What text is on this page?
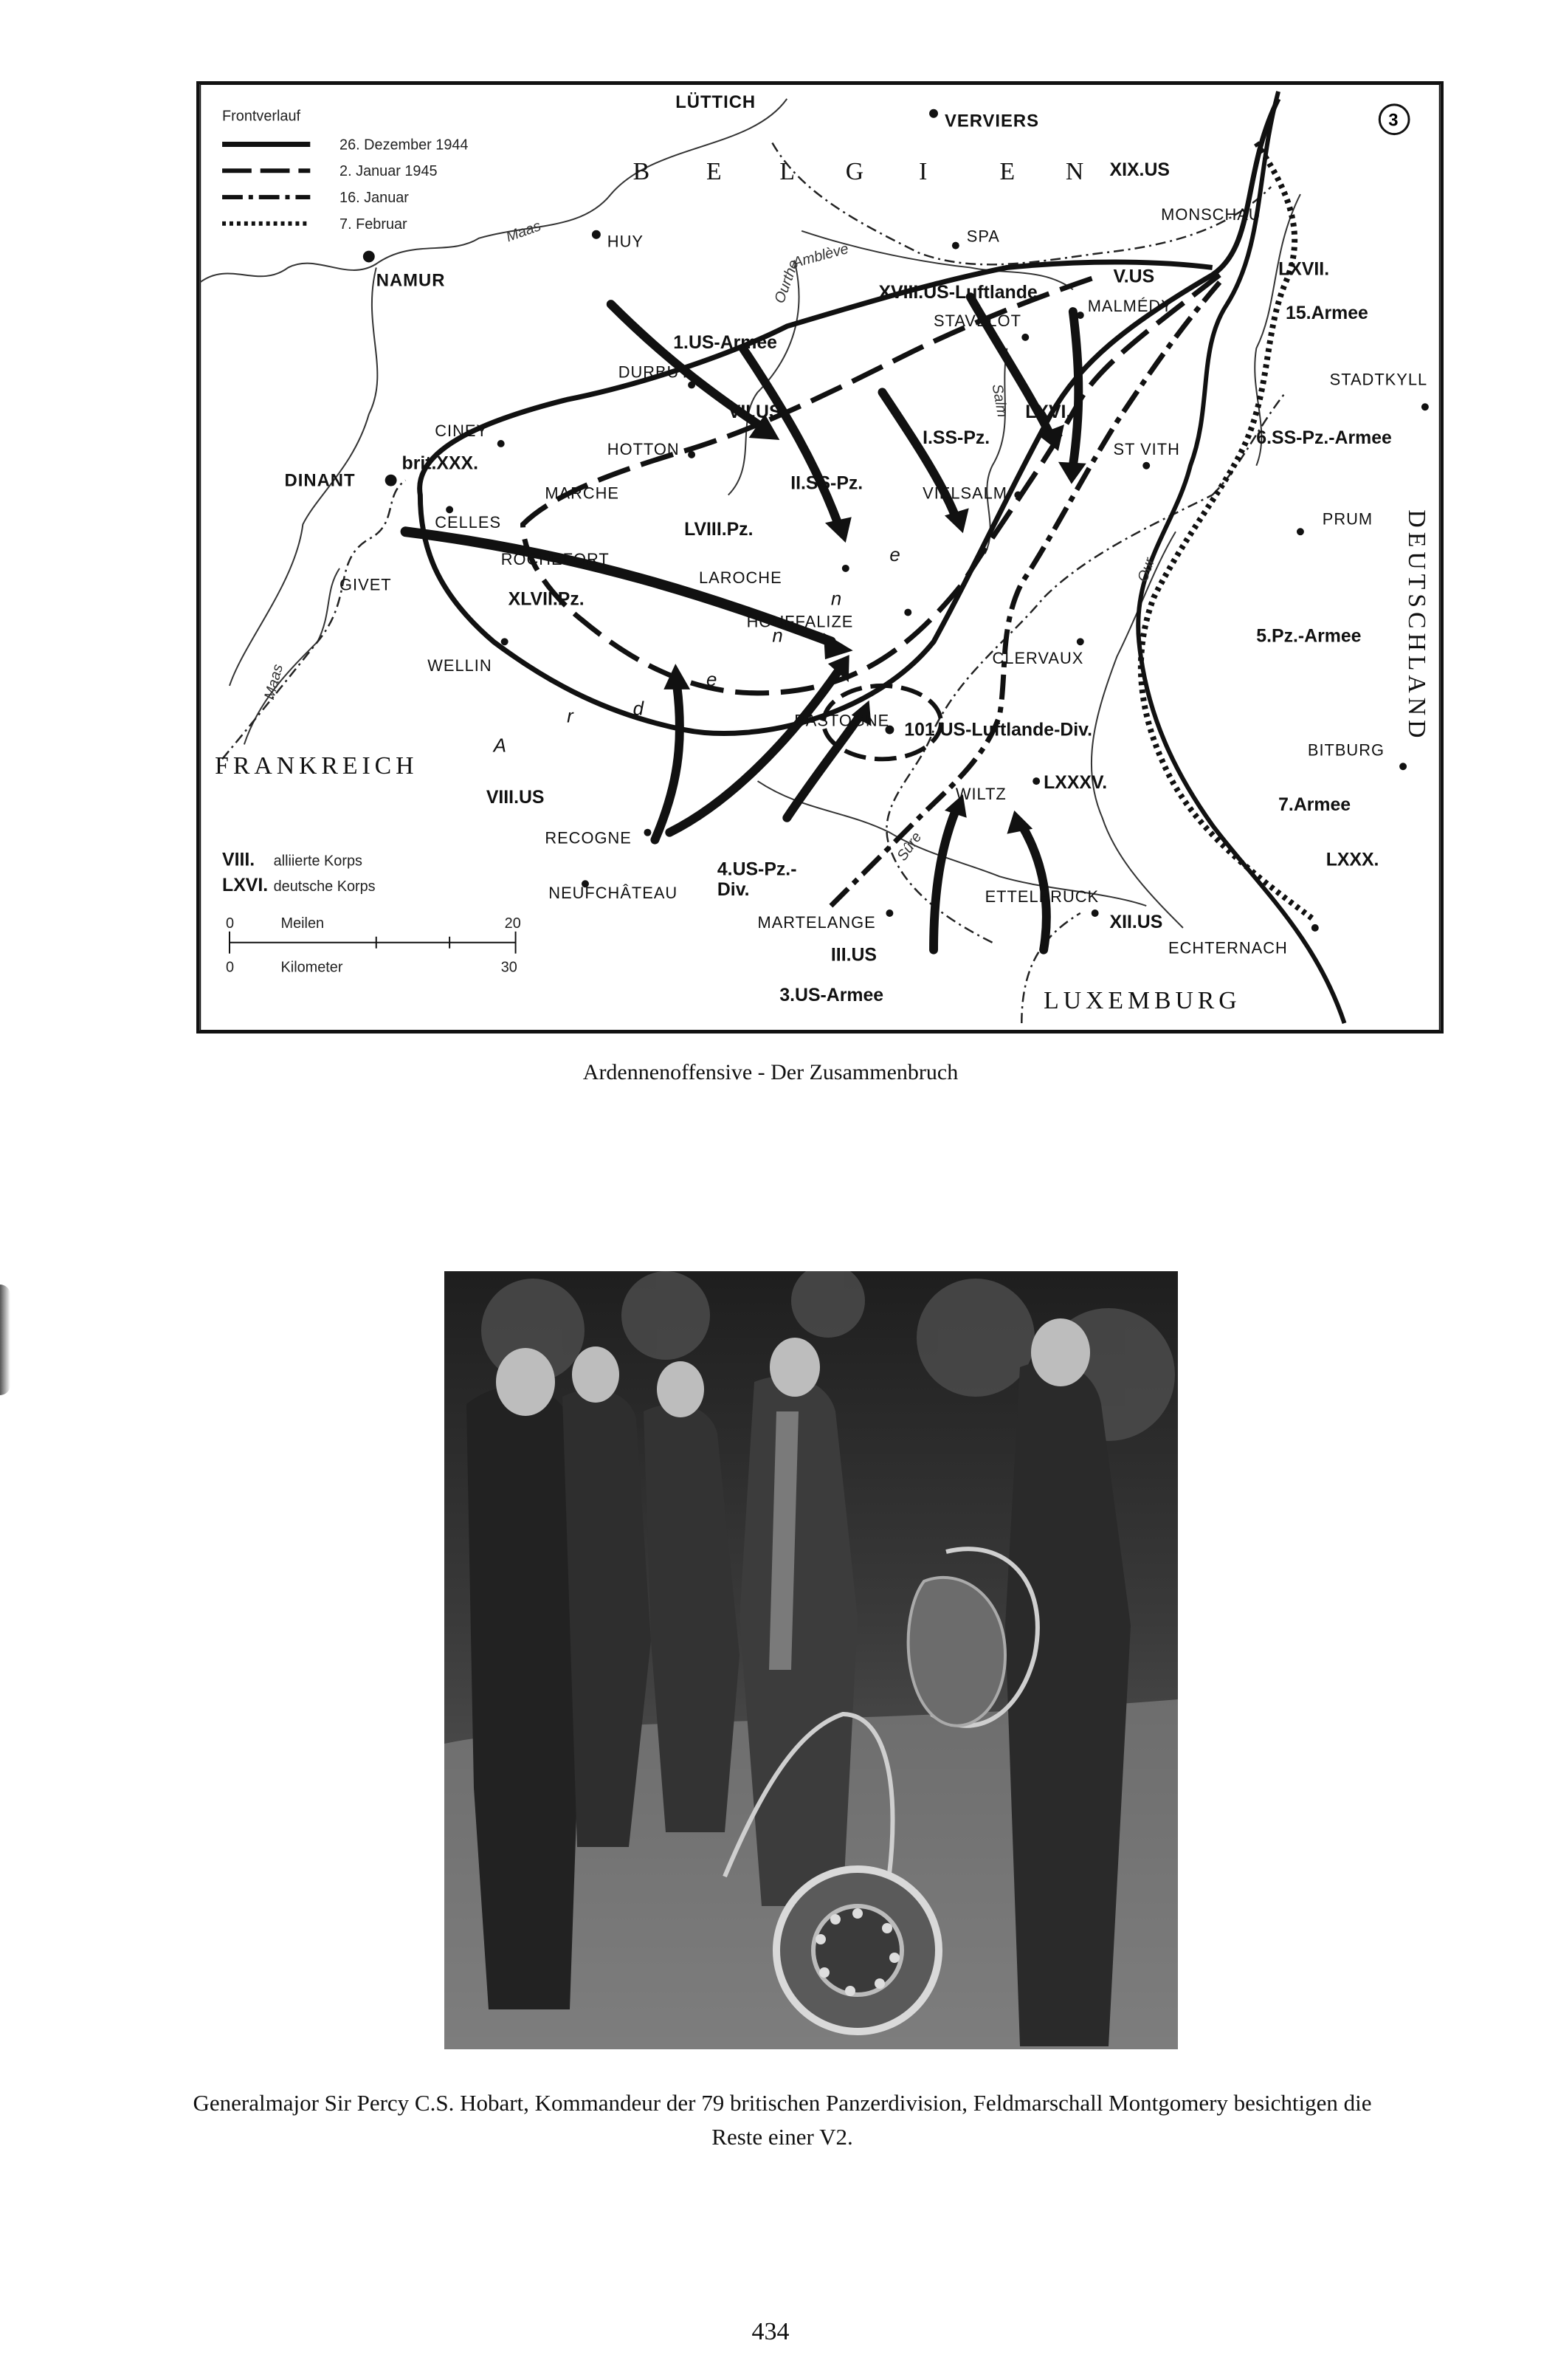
Frontverlauf
26. Dezember 1944
2. Januar 1945
16. Januar
7. Februar
3
B E L G I	E N
FRANKREICH
LUXEMBURG
DEUTSCHLAND
Maas
Maas
Ourthe
Amblève
Salm
Our
Sûre
LÜTTICH
VERVIERS
HUY
NAMUR
SPA
STAVELOT
MALMÉDY
MONSCHAU
STADTKYLL
DURBUY
CINEY
DINANT
HOTTON
MARCHE
CELLES
ROCHEFORT
GIVET	LAROCHE
HOUFFALIZE
VIELSALM
ST VITH
PRUM
CLERVAUX
WELLIN
BASTOGNE
BITBURG
WILTZ
RECOGNE
NEUFCHÂTEAU
MARTELANGE
ETTELBRUCK
ECHTERNACH
XIX.US
XVIII.US-Luftlande
V.US	LXVII.
15.Armee
1.US-Armee
VII.US	LXVI.
I.SS-Pz.	6.SS-Pz.-Armee
brit.XXX.
II.SS-Pz.
LVIII.Pz.
XLVII.Pz.
5.Pz.-Armee
101.US-Luftlande-Div.
LXXXV.
7.Armee
VIII.US
4.US-Pz.-
Div.
LXXX.
XII.US
III.US
3.US-Armee
A
r	d
e
n
n
e
VIII. alliierte Korps
LXVI. deutsche Korps
0	Meilen	20
0	Kilometer	30
Ardennenoffensive - Der Zusammenbruch
Generalmajor Sir Percy C.S. Hobart, Kommandeur der 79 britischen Panzerdivision, Feldmarschall Montgomery besichtigen die
Reste einer V2.
434
